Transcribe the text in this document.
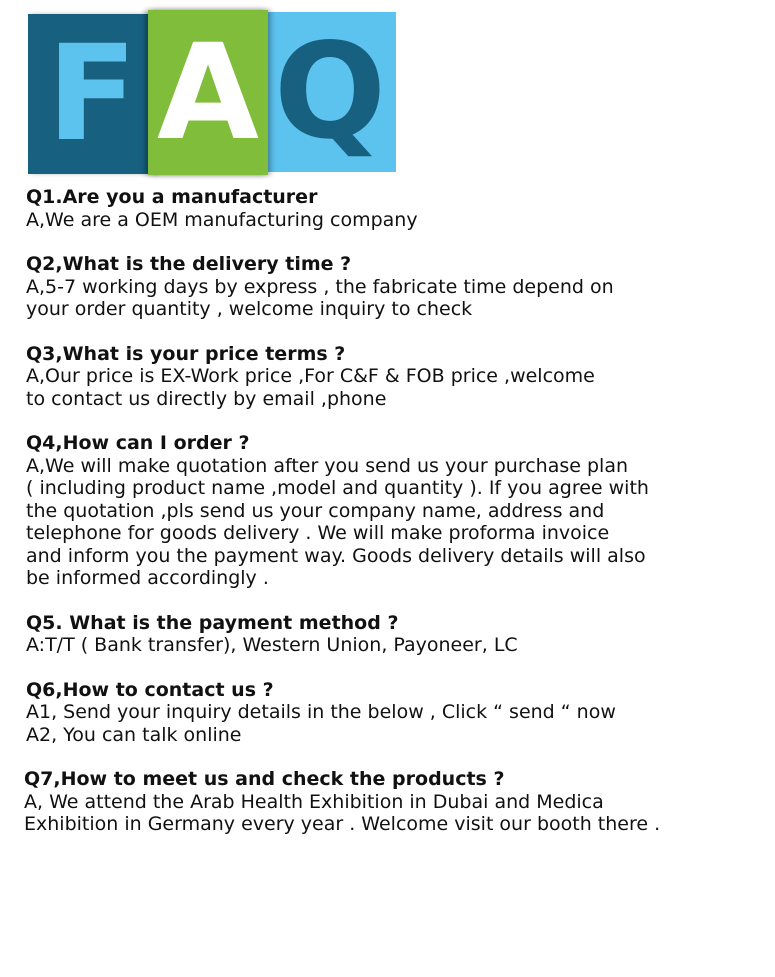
F A Q
Q1.Are you a manufacturer
A,We are a OEM manufacturing company
Q2,What is the delivery time ?
A,5-7 working days by express , the fabricate time depend on
your order quantity , welcome inquiry to check
Q3,What is your price terms ?
A,Our price is EX-Work price ,For C&F & FOB price ,welcome
to contact us directly by email ,phone
Q4,How can I order ?
A,We will make quotation after you send us your purchase plan
( including product name ,model and quantity ). If you agree with
the quotation ,pls send us your company name, address and
telephone for goods delivery . We will make proforma invoice
and inform you the payment way. Goods delivery details will also
be informed accordingly .
Q5. What is the payment method ?
A:T/T ( Bank transfer), Western Union, Payoneer, LC
Q6,How to contact us ?
A1, Send your inquiry details in the below , Click “ send “ now
A2, You can talk online
Q7,How to meet us and check the products ?
A, We attend the Arab Health Exhibition in Dubai and Medica
Exhibition in Germany every year . Welcome visit our booth there .
